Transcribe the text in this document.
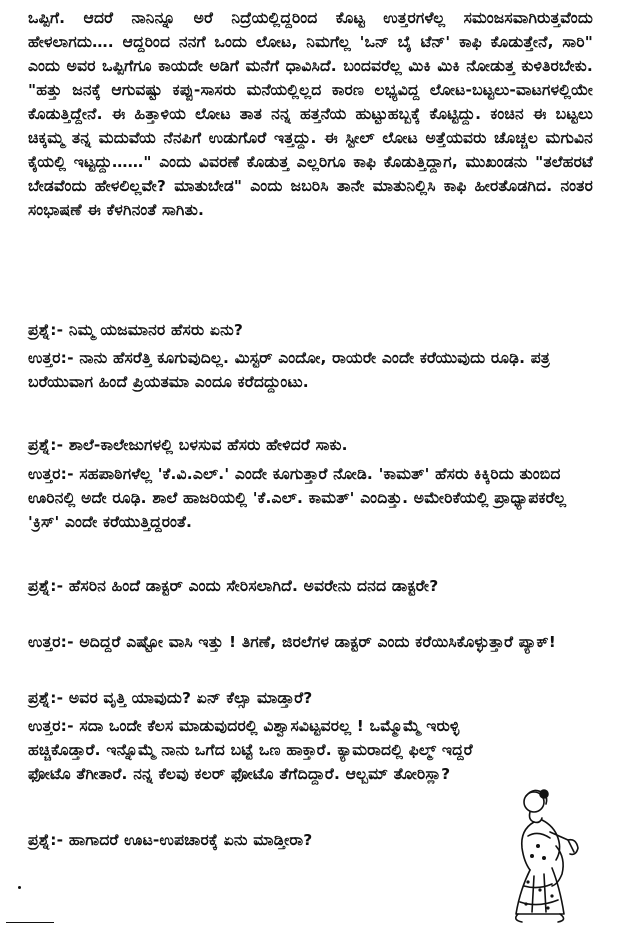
ಒಪ್ಪಿಗೆ. ಆದರೆ ನಾನಿನ್ನೂ ಅರೆ ನಿದ್ರೆಯಲ್ಲಿದ್ದರಿಂದ ಕೊಟ್ಟ ಉತ್ತರಗಳೆಲ್ಲ ಸಮಂಜಸವಾಗಿರುತ್ತವೆಂದು ಹೇಳಲಾಗದು…. ಆದ್ದರಿಂದ ನನಗೆ ಒಂದು ಲೋಟ, ನಿಮಗೆಲ್ಲ 'ಒನ್ ಬೈ ಟೆನ್' ಕಾಫಿ ಕೊಡುತ್ತೇನೆ, ಸಾರಿ" ಎಂದು ಅವರ ಒಪ್ಪಿಗೆಗೂ ಕಾಯದೇ ಅಡಿಗೆ ಮನೆಗೆ ಧಾವಿಸಿದೆ. ಬಂದವರೆಲ್ಲ ಮಿಕಿ ಮಿಕಿ ನೋಡುತ್ತ ಕುಳಿತಿರಬೇಕು. "ಹತ್ತು ಜನಕ್ಕೆ ಆಗುವಷ್ಟು ಕಪ್ಪು-ಸಾಸರು ಮನೆಯಲ್ಲಿಲ್ಲದ ಕಾರಣ ಲಭ್ಯವಿದ್ದ ಲೋಟ-ಬಟ್ಟಲು-ವಾಟಗಳಲ್ಲಿಯೇ ಕೊಡುತ್ತಿದ್ದೇನೆ. ಈ ಹಿತ್ತಾಳಿಯ ಲೋಟ ತಾತ ನನ್ನ ಹತ್ತನೆಯ ಹುಟ್ಟುಹಬ್ಬಕ್ಕೆ ಕೊಟ್ಟಿದ್ದು. ಕಂಚಿನ ಈ ಬಟ್ಟಲು ಚಿಕ್ಕಮ್ಮ ತನ್ನ ಮದುವೆಯ ನೆನಪಿಗೆ ಉಡುಗೊರೆ ಇತ್ತದ್ದು. ಈ ಸ್ಟೀಲ್ ಲೋಟ ಅತ್ತೆಯವರು ಚೊಚ್ಚಲ ಮಗುವಿನ ಕೈಯಲ್ಲಿ ಇಟ್ಟದ್ದು……" ಎಂದು ವಿವರಣೆ ಕೊಡುತ್ತ ಎಲ್ಲರಿಗೂ ಕಾಫಿ ಕೊಡುತ್ತಿದ್ದಾಗ, ಮುಖಂಡನು "ತಲೆಹರಟೆ ಬೇಡವೆಂದು ಹೇಳಲಿಲ್ಲವೇ? ಮಾತುಬೇಡ" ಎಂದು ಜಬರಿಸಿ ತಾನೇ ಮಾತುನಿಲ್ಲಿಸಿ ಕಾಫಿ ಹೀರತೊಡಗಿದ. ನಂತರ ಸಂಭಾಷಣೆ ಈ ಕೆಳಗಿನಂತೆ ಸಾಗಿತು.

ಪ್ರಶ್ನೆ:- ನಿಮ್ಮ ಯಜಮಾನರ ಹೆಸರು ಏನು?
ಉತ್ತರ:- ನಾನು ಹೆಸರೆತ್ತಿ ಕೂಗುವುದಿಲ್ಲ. ಮಿಸ್ಟರ್ ಎಂದೋ, ರಾಯರೇ ಎಂದೇ ಕರೆಯುವುದು ರೂಢಿ. ಪತ್ರ ಬರೆಯುವಾಗ ಹಿಂದೆ ಪ್ರಿಯತಮಾ ಎಂದೂ ಕರೆದದ್ದುಂಟು.
ಪ್ರಶ್ನೆ:- ಶಾಲೆ-ಕಾಲೇಜುಗಳಲ್ಲಿ ಬಳಸುವ ಹೆಸರು ಹೇಳಿದರೆ ಸಾಕು.
ಉತ್ತರ:- ಸಹಪಾಠಿಗಳೆಲ್ಲ 'ಕೆ.ವಿ.ಎಲ್.' ಎಂದೇ ಕೂಗುತ್ತಾರೆ ನೋಡಿ. 'ಕಾಮತ್' ಹೆಸರು ಕಿಕ್ಕಿರಿದು ತುಂಬಿದ ಊರಿನಲ್ಲಿ ಅದೇ ರೂಢಿ. ಶಾಲೆ ಹಾಜರಿಯಲ್ಲಿ 'ಕೆ.ಎಲ್. ಕಾಮತ್' ಎಂದಿತ್ತು. ಅಮೇರಿಕೆಯಲ್ಲಿ ಪ್ರಾಧ್ಯಾಪಕರೆಲ್ಲ 'ಕ್ರಿಸ್' ಎಂದೇ ಕರೆಯುತ್ತಿದ್ದರಂತೆ.
ಪ್ರಶ್ನೆ:- ಹೆಸರಿನ ಹಿಂದೆ ಡಾಕ್ಟರ್ ಎಂದು ಸೇರಿಸಲಾಗಿದೆ. ಅವರೇನು ದನದ ಡಾಕ್ಟರೇ?
ಉತ್ತರ:- ಅದಿದ್ದರೆ ಎಷ್ಟೋ ವಾಸಿ ಇತ್ತು ! ತಿಗಣೆ, ಜಿರಲೆಗಳ ಡಾಕ್ಟರ್ ಎಂದು ಕರೆಯಿಸಿಕೊಳ್ಳುತ್ತಾರೆ ಪ್ಯಾಕ್!
ಪ್ರಶ್ನೆ:- ಅವರ ವೃತ್ತಿ ಯಾವುದು? ಏನ್ ಕೆಲ್ಸಾ ಮಾಡ್ತಾರೆ?
ಉತ್ತರ:- ಸದಾ ಒಂದೇ ಕೆಲಸ ಮಾಡುವುದರಲ್ಲಿ ವಿಶ್ವಾಸವಿಟ್ಟವರಲ್ಲ ! ಒಮ್ಮೊಮ್ಮೆ ಇರುಳ್ಳಿ ಹಚ್ಚಿಕೊಡ್ತಾರೆ. ಇನ್ನೊಮ್ಮೆ ನಾನು ಒಗೆದ ಬಟ್ಟೆ ಒಣ ಹಾಕ್ತಾರೆ. ಕ್ಯಾಮರಾದಲ್ಲಿ ಫಿಲ್ಮ್ ಇದ್ದರೆ ಫೋಟೊ ತೆಗೀತಾರೆ. ನನ್ನ ಕೆಲವು ಕಲರ್ ಫೋಟೊ ತೆಗೆದಿದ್ದಾರೆ. ಆಲ್ಬಮ್ ತೋರಿಸ್ಲಾ?
ಪ್ರಶ್ನೆ:- ಹಾಗಾದರೆ ಊಟ-ಉಪಚಾರಕ್ಕೆ ಏನು ಮಾಡ್ತೀರಾ?
